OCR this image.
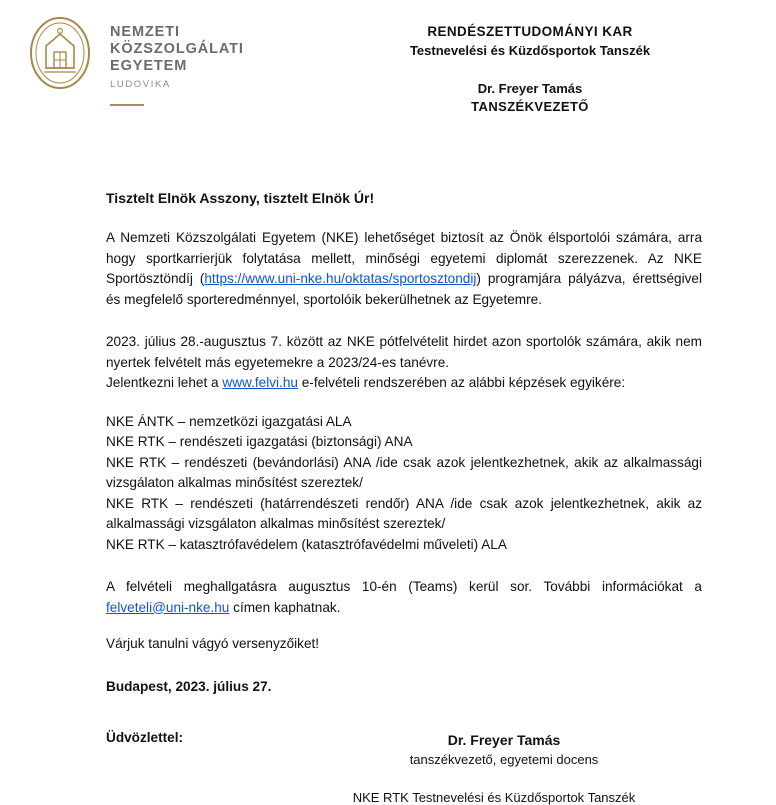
NEMZETI
KÖZSZOLGÁLATI
EGYETEM
LUDOVIKA
RENDÉSZETTUDOMÁNYI KAR
Testnevelési és Küzdősportok Tanszék
Dr. Freyer Tamás
TANSZÉKVEZETŐ
Tisztelt Elnök Asszony, tisztelt Elnök Úr!

A Nemzeti Közszolgálati Egyetem (NKE) lehetőséget biztosít az Önök élsportolói számára, arra hogy sportkarrierjük folytatása mellett, minőségi egyetemi diplomát szerezzenek. Az NKE Sportösztöndíj (https://www.uni-nke.hu/oktatas/sportosztondij) programjára pályázva, érettségivel és megfelelő sporteredménnyel, sportolóik bekerülhetnek az Egyetemre.

2023. július 28.-augusztus 7. között az NKE pótfelvételit hirdet azon sportolók számára, akik nem nyertek felvételt más egyetemekre a 2023/24-es tanévre.
Jelentkezni lehet a www.felvi.hu e-felvételi rendszerében az alábbi képzések egyikére:

NKE ÁNTK – nemzetközi igazgatási ALA
NKE RTK – rendészeti igazgatási (biztonsági) ANA
NKE RTK – rendészeti (bevándorlási) ANA /ide csak azok jelentkezhetnek, akik az alkalmassági vizsgálaton alkalmas minősítést szereztek/
NKE RTK – rendészeti (határrendészeti rendőr) ANA /ide csak azok jelentkezhetnek, akik az alkalmassági vizsgálaton alkalmas minősítést szereztek/
NKE RTK – katasztrófavédelem (katasztrófavédelmi műveleti) ALA

A felvételi meghallgatásra augusztus 10-én (Teams) kerül sor. További információkat a felveteli@uni-nke.hu címen kaphatnak.

Várjuk tanulni vágyó versenyzőiket!

Budapest, 2023. július 27.
Üdvözlettel:	Dr. Freyer Tamás
tanszékvezető, egyetemi docens
NKE RTK Testnevelési és Küzdősportok Tanszék
